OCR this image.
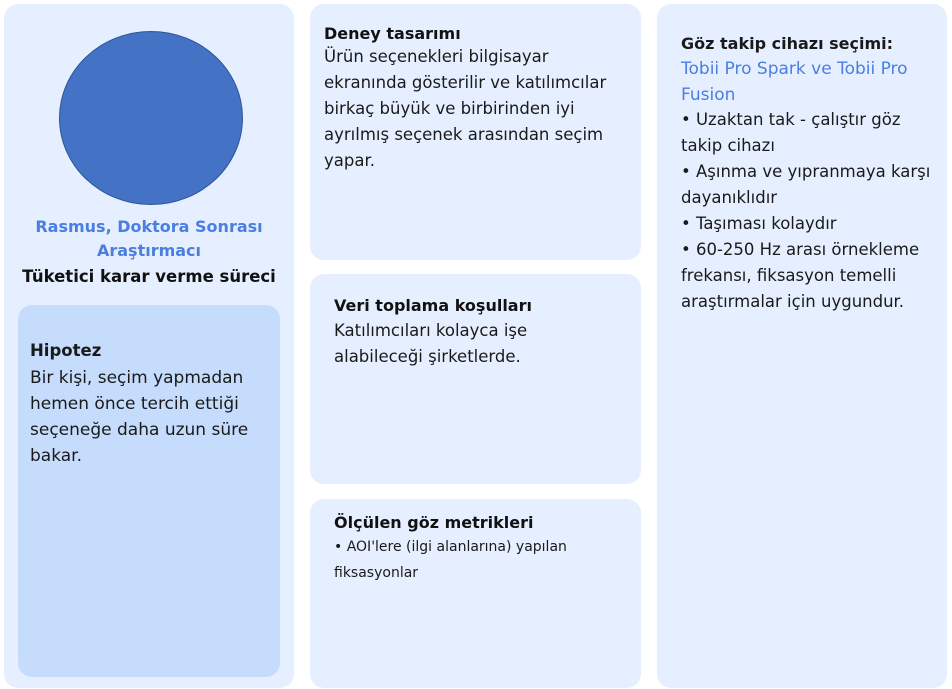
Rasmus, Doktora Sonrası Araştırmacı
Tüketici karar verme süreci
Hipotez
Bir kişi, seçim yapmadan hemen önce tercih ettiği seçeneğe daha uzun süre bakar.
Deney tasarımı
Ürün seçenekleri bilgisayar ekranında gösterilir ve katılımcılar birkaç büyük ve birbirinden iyi ayrılmış seçenek arasından seçim yapar.
Veri toplama koşulları
Katılımcıları kolayca işe alabileceği şirketlerde.
Ölçülen göz metrikleri
• AOI'lere (ilgi alanlarına) yapılan fiksasyonlar
Göz takip cihazı seçimi:
Tobii Pro Spark ve Tobii Pro Fusion
• Uzaktan tak - çalıştır göz takip cihazı
• Aşınma ve yıpranmaya karşı dayanıklıdır
• Taşıması kolaydır
• 60-250 Hz arası örnekleme frekansı, fiksasyon temelli araştırmalar için uygundur.
